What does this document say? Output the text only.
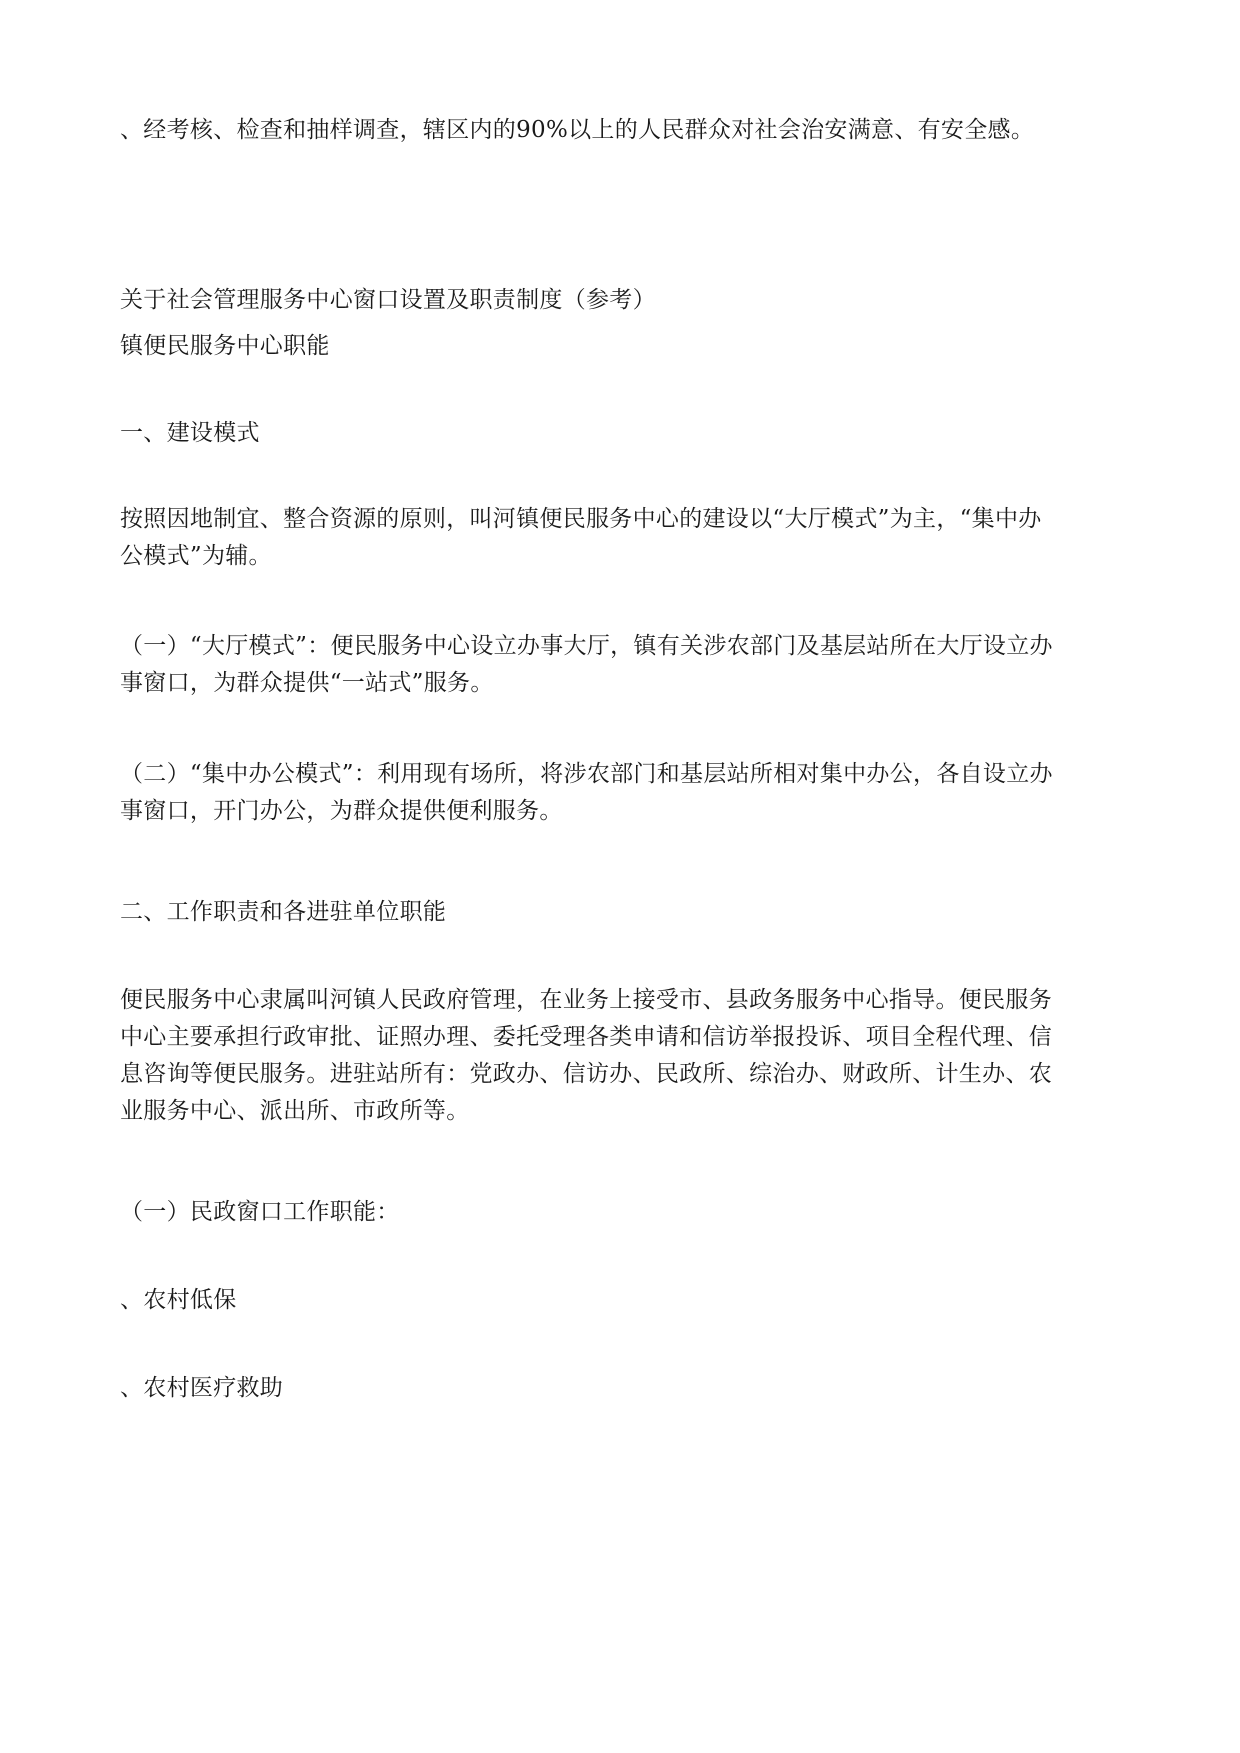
、经考核、检查和抽样调查，辖区内的90%以上的人民群众对社会治安满意、有安全感。
关于社会管理服务中心窗口设置及职责制度（参考）
镇便民服务中心职能
一、建设模式
按照因地制宜、整合资源的原则，叫河镇便民服务中心的建设以“大厅模式”为主，“集中办
公模式”为辅。
（一）“大厅模式”：便民服务中心设立办事大厅，镇有关涉农部门及基层站所在大厅设立办
事窗口，为群众提供“一站式”服务。
（二）“集中办公模式”：利用现有场所，将涉农部门和基层站所相对集中办公，各自设立办
事窗口，开门办公，为群众提供便利服务。
二、工作职责和各进驻单位职能
便民服务中心隶属叫河镇人民政府管理，在业务上接受市、县政务服务中心指导。便民服务
中心主要承担行政审批、证照办理、委托受理各类申请和信访举报投诉、项目全程代理、信
息咨询等便民服务。进驻站所有：党政办、信访办、民政所、综治办、财政所、计生办、农
业服务中心、派出所、市政所等。
（一）民政窗口工作职能：
、农村低保
、农村医疗救助
